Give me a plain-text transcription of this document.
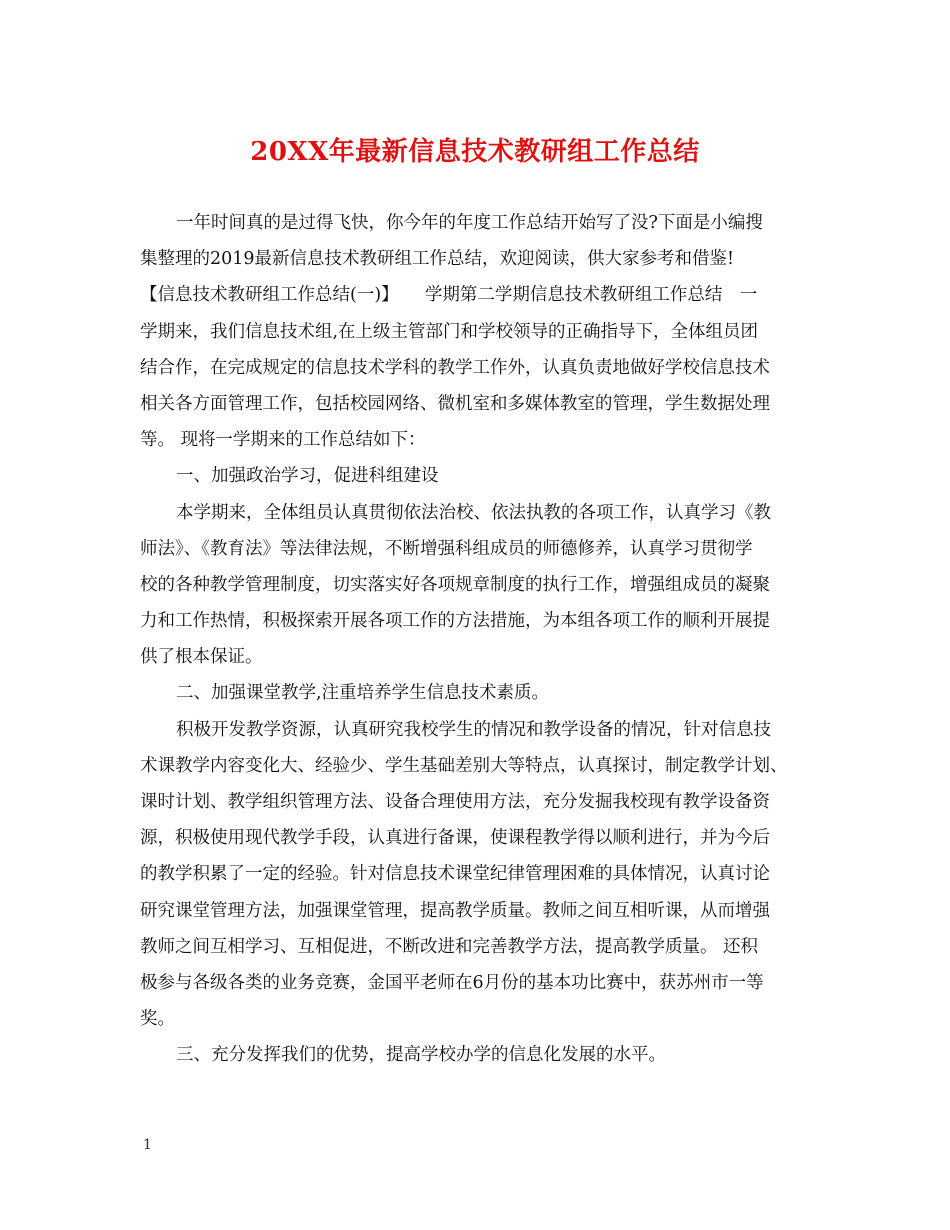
20XX年最新信息技术教研组工作总结
一年时间真的是过得飞快，你今年的年度工作总结开始写了没?下面是小编搜
集整理的2019最新信息技术教研组工作总结，欢迎阅读，供大家参考和借鉴!
【信息技术教研组工作总结(一)】　　学期第二学期信息技术教研组工作总结　一
学期来，我们信息技术组,在上级主管部门和学校领导的正确指导下，全体组员团
结合作，在完成规定的信息技术学科的教学工作外，认真负责地做好学校信息技术
相关各方面管理工作，包括校园网络、微机室和多媒体教室的管理，学生数据处理
等。 现将一学期来的工作总结如下：
一、加强政治学习，促进科组建设
本学期来，全体组员认真贯彻依法治校、依法执教的各项工作，认真学习《教
师法》、《教育法》等法律法规，不断增强科组成员的师德修养，认真学习贯彻学
校的各种教学管理制度，切实落实好各项规章制度的执行工作，增强组成员的凝聚
力和工作热情，积极探索开展各项工作的方法措施，为本组各项工作的顺利开展提
供了根本保证。
二、加强课堂教学,注重培养学生信息技术素质。
积极开发教学资源，认真研究我校学生的情况和教学设备的情况，针对信息技
术课教学内容变化大、经验少、学生基础差别大等特点，认真探讨，制定教学计划、
课时计划、教学组织管理方法、设备合理使用方法，充分发掘我校现有教学设备资
源，积极使用现代教学手段，认真进行备课，使课程教学得以顺利进行，并为今后
的教学积累了一定的经验。针对信息技术课堂纪律管理困难的具体情况，认真讨论
研究课堂管理方法，加强课堂管理，提高教学质量。教师之间互相听课，从而增强
教师之间互相学习、互相促进，不断改进和完善教学方法，提高教学质量。 还积
极参与各级各类的业务竞赛，金国平老师在6月份的基本功比赛中，获苏州市一等
奖。
三、充分发挥我们的优势，提高学校办学的信息化发展的水平。
1
